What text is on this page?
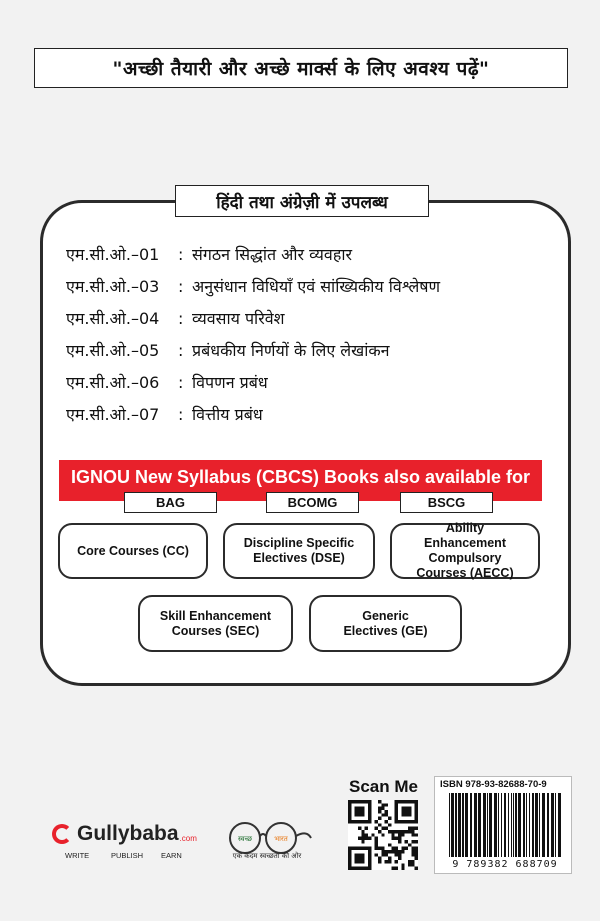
"अच्छी तैयारी और अच्छे मार्क्स के लिए अवश्य पढ़ें"
हिंदी तथा अंग्रेज़ी में उपलब्ध
एम.सी.ओ.–01	: संगठन सिद्धांत और व्यवहार
एम.सी.ओ.–03	: अनुसंधान विधियाँ एवं सांख्यिकीय विश्लेषण
एम.सी.ओ.–04	: व्यवसाय परिवेश
एम.सी.ओ.–05	: प्रबंधकीय निर्णयों के लिए लेखांकन
एम.सी.ओ.–06	: विपणन प्रबंध
एम.सी.ओ.–07	: वित्तीय प्रबंध
IGNOU New Syllabus (CBCS) Books also available for
BAG	BCOMG	BSCG
Core Courses (CC)
Discipline Specific Electives (DSE)
Ability Enhancement Compulsory Courses (AECC)
Skill Enhancement Courses (SEC)
Generic Electives (GE)
Gullybaba .com
WRITE	PUBLISH EARN
स्वच्छ	भारत
एक कदम स्वच्छता की ओर
Scan Me ISBN 978-93-82688-70-9
9 789382 688709
